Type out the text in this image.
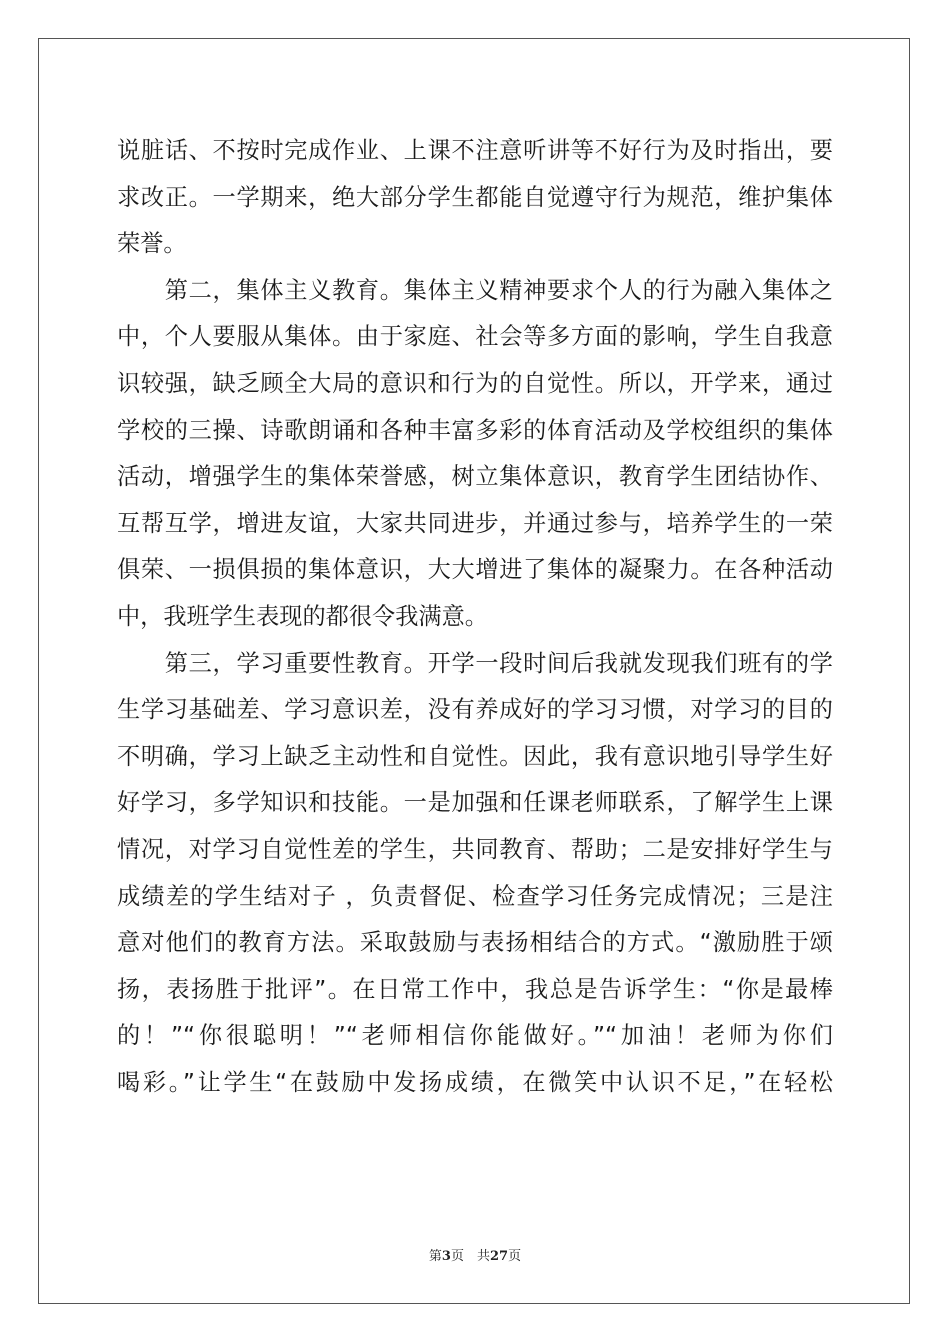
说脏话、不按时完成作业、上课不注意听讲等不好行为及时指出，要
求改正。一学期来，绝大部分学生都能自觉遵守行为规范，维护集体
荣誉。
　　第二，集体主义教育。集体主义精神要求个人的行为融入集体之
中，个人要服从集体。由于家庭、社会等多方面的影响，学生自我意
识较强，缺乏顾全大局的意识和行为的自觉性。所以，开学来，通过
学校的三操、诗歌朗诵和各种丰富多彩的体育活动及学校组织的集体
活动，增强学生的集体荣誉感，树立集体意识，教育学生团结协作、
互帮互学，增进友谊，大家共同进步，并通过参与，培养学生的一荣
俱荣、一损俱损的集体意识，大大增进了集体的凝聚力。在各种活动
中，我班学生表现的都很令我满意。
　　第三，学习重要性教育。开学一段时间后我就发现我们班有的学
生学习基础差、学习意识差，没有养成好的学习习惯，对学习的目的
不明确，学习上缺乏主动性和自觉性。因此，我有意识地引导学生好
好学习，多学知识和技能。一是加强和任课老师联系，了解学生上课
情况，对学习自觉性差的学生，共同教育、帮助；二是安排好学生与
成绩差的学生结对子 ，负责督促、检查学习任务完成情况；三是注
意对他们的教育方法。采取鼓励与表扬相结合的方式。“激励胜于颂
扬，表扬胜于批评”。在日常工作中，我总是告诉学生：“你是最棒
的！”“你很聪明！”“老师相信你能做好。”“加油！老师为你们
喝彩。”让学生“在鼓励中发扬成绩，在微笑中认识不足，”在轻松
第3页　共27页
